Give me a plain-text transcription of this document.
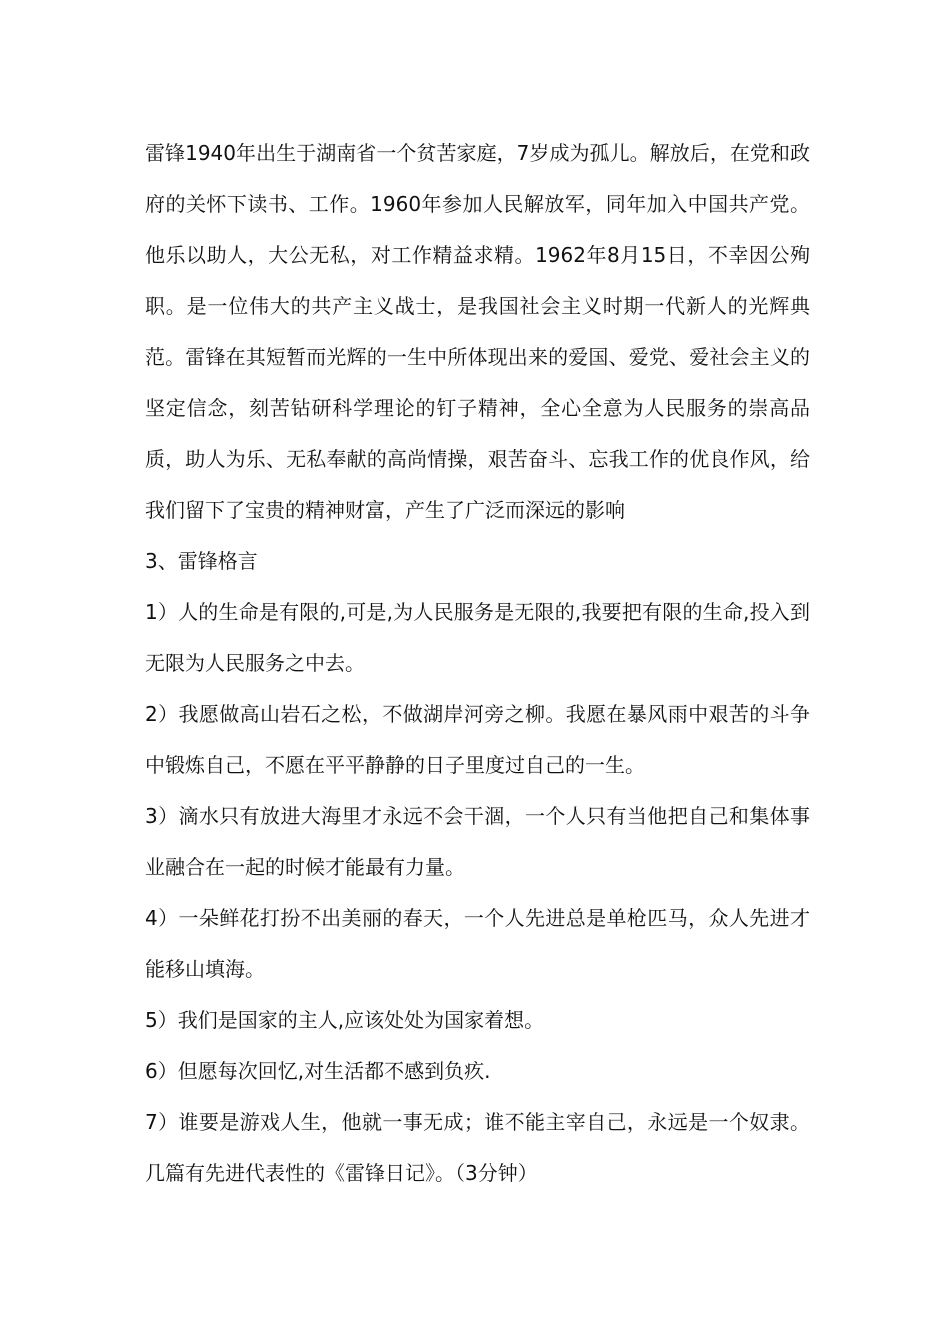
雷锋1940年出生于湖南省一个贫苦家庭，7岁成为孤儿。解放后，在党和政府的关怀下读书、工作。1960年参加人民解放军，同年加入中国共产党。他乐以助人，大公无私，对工作精益求精。1962年8月15日，不幸因公殉职。是一位伟大的共产主义战士，是我国社会主义时期一代新人的光辉典范。雷锋在其短暂而光辉的一生中所体现出来的爱国、爱党、爱社会主义的坚定信念，刻苦钻研科学理论的钉子精神，全心全意为人民服务的崇高品质，助人为乐、无私奉献的高尚情操，艰苦奋斗、忘我工作的优良作风，给我们留下了宝贵的精神财富，产生了广泛而深远的影响

3、雷锋格言

1）人的生命是有限的,可是,为人民服务是无限的,我要把有限的生命,投入到无限为人民服务之中去。

2）我愿做高山岩石之松，不做湖岸河旁之柳。我愿在暴风雨中艰苦的斗争中锻炼自己，不愿在平平静静的日子里度过自己的一生。

3）滴水只有放进大海里才永远不会干涸，一个人只有当他把自己和集体事业融合在一起的时候才能最有力量。

4）一朵鲜花打扮不出美丽的春天，一个人先进总是单枪匹马，众人先进才能移山填海。

5）我们是国家的主人,应该处处为国家着想。

6）但愿每次回忆,对生活都不感到负疚.

7）谁要是游戏人生，他就一事无成；谁不能主宰自己，永远是一个奴隶。几篇有先进代表性的《雷锋日记》。（3分钟）
